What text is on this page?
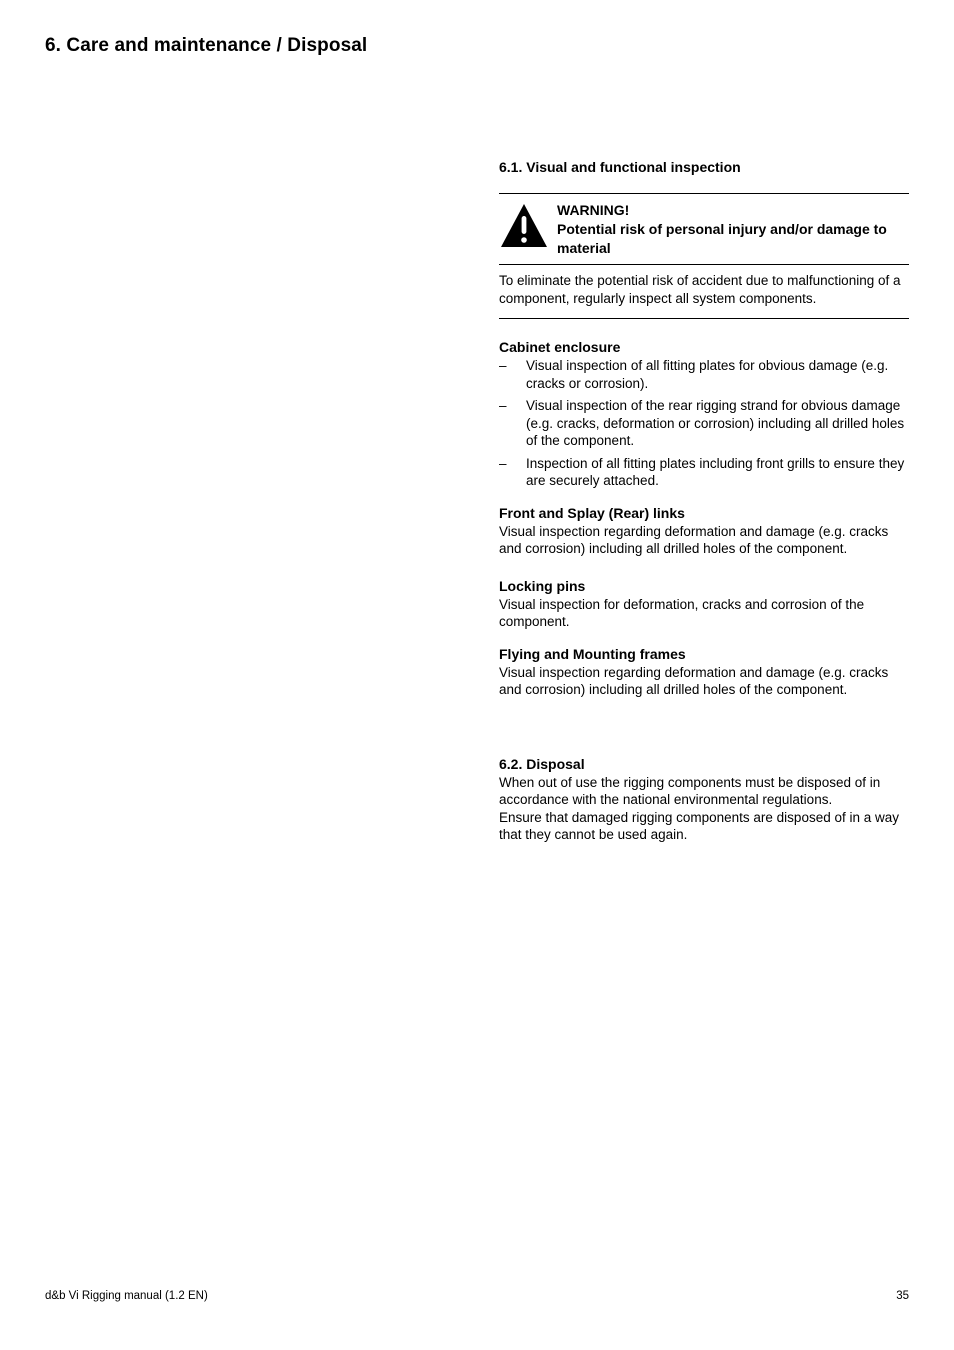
6. Care and maintenance / Disposal
6.1. Visual and functional inspection
WARNING!
Potential risk of personal injury and/or damage to material
To eliminate the potential risk of accident due to malfunctioning of a component, regularly inspect all system components.
Cabinet enclosure
– Visual inspection of all fitting plates for obvious damage (e.g. cracks or corrosion).
– Visual inspection of the rear rigging strand for obvious damage (e.g. cracks, deformation or corrosion) including all drilled holes of the component.
– Inspection of all fitting plates including front grills to ensure they are securely attached.
Front and Splay (Rear) links

Visual inspection regarding deformation and damage (e.g. cracks and corrosion) including all drilled holes of the component.

Locking pins

Visual inspection for deformation, cracks and corrosion of the component.

Flying and Mounting frames

Visual inspection regarding deformation and damage (e.g. cracks and corrosion) including all drilled holes of the component.

6.2. Disposal

When out of use the rigging components must be disposed of in accordance with the national environmental regulations.

Ensure that damaged rigging components are disposed of in a way that they cannot be used again.

d&b Vi Rigging manual (1.2 EN)	35
